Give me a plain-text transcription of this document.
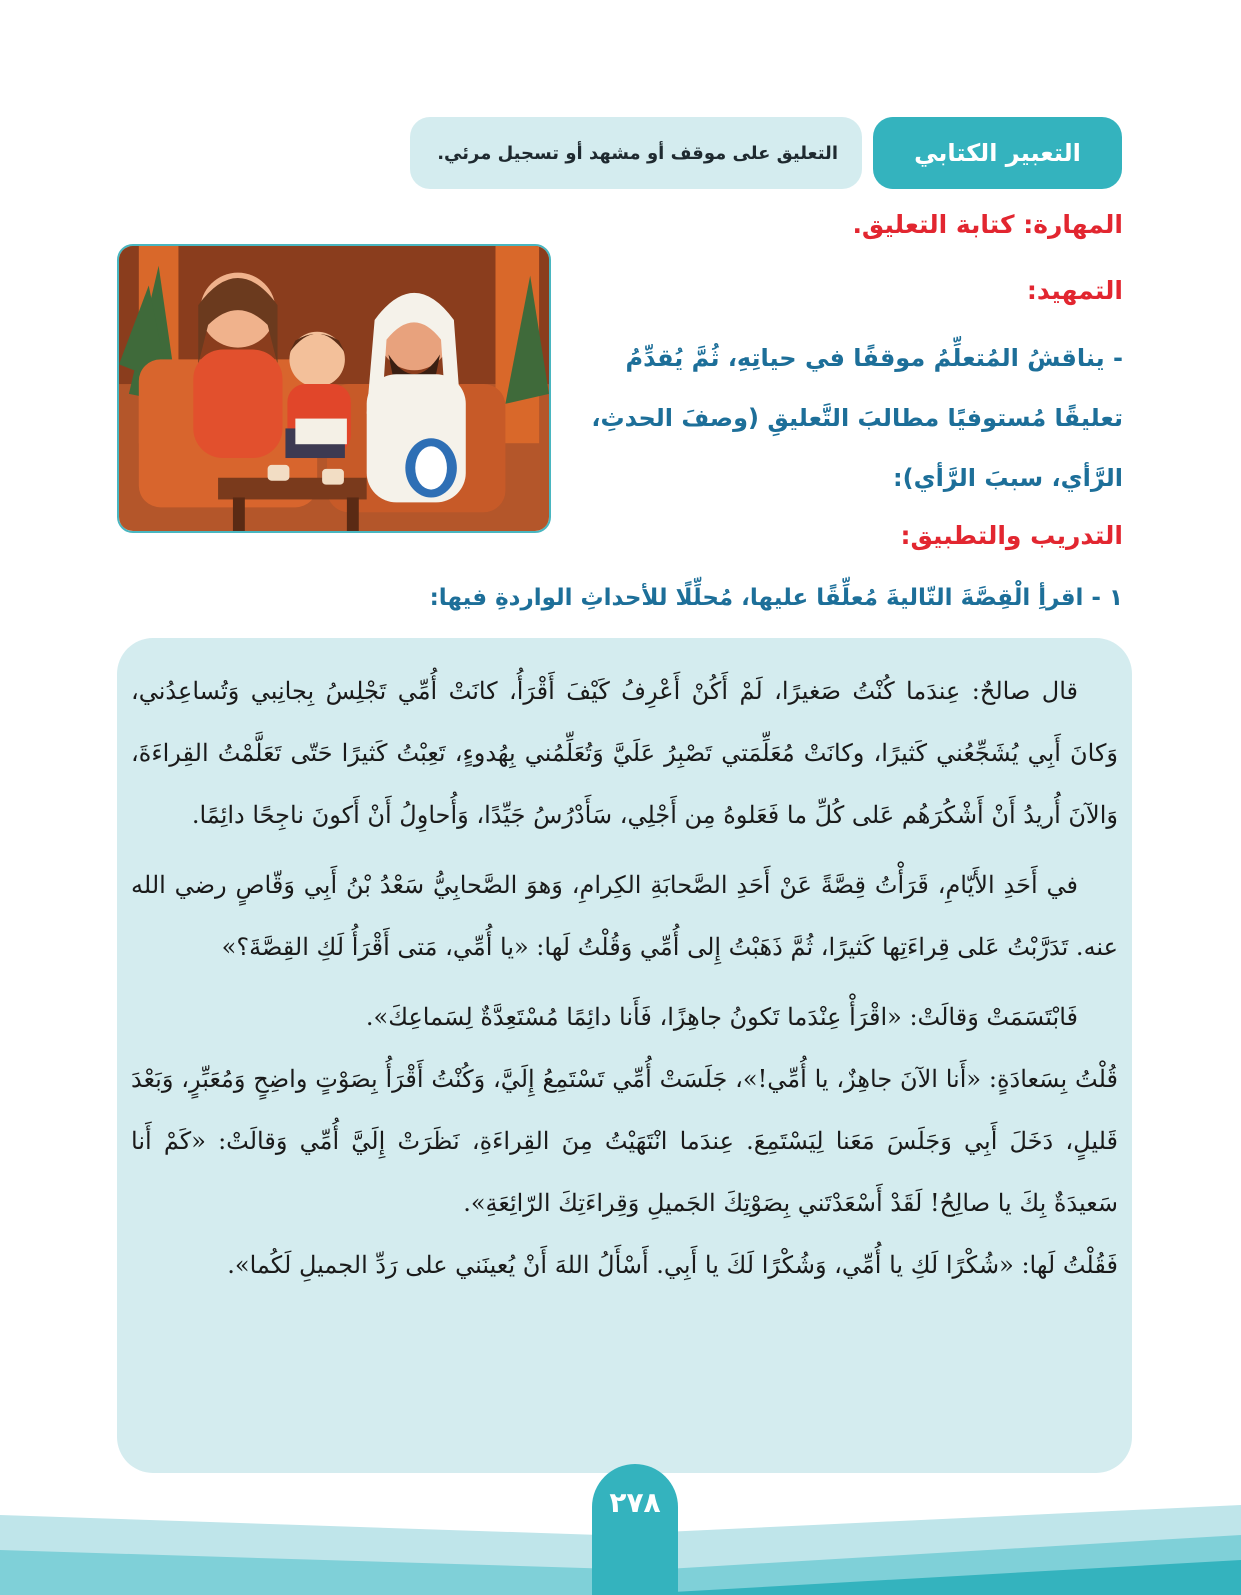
التعبير الكتابي
التعليق على موقف أو مشهد أو تسجيل مرئي.
المهارة: كتابة التعليق.
التمهيد:
- يناقشُ المُتعلِّمُ موقفًا في حياتِهِ، ثُمَّ يُقدِّمُ تعليقًا مُستوفيًا مطالبَ التَّعليقِ (وصفَ الحدثِ، الرَّأي، سببَ الرَّأي):
التدريب والتطبيق:
١ - اقرأِ الْقِصَّةَ التّاليةَ مُعلِّقًا عليها، مُحلِّلًا للأحداثِ الواردةِ فيها:

قال صالحٌ: عِندَما كُنْتُ صَغيرًا، لَمْ أَكُنْ أَعْرِفُ كَيْفَ أَقْرَأُ، كانَتْ أُمِّي تَجْلِسُ بِجانِبي وَتُساعِدُني، وَكانَ أَبِي يُشَجِّعُني كَثيرًا، وكانَتْ مُعَلِّمَتي تَصْبِرُ عَلَيَّ وَتُعَلِّمُني بِهُدوءٍ، تَعِبْتُ كَثيرًا حَتّى تَعَلَّمْتُ القِراءَةَ، وَالآنَ أُريدُ أَنْ أَشْكُرَهُم عَلى كُلِّ ما فَعَلوهُ مِن أَجْلِي، سَأَدْرُسُ جَيِّدًا، وَأُحاوِلُ أَنْ أَكونَ ناجِحًا دائِمًا.

في أَحَدِ الأَيّامِ، قَرَأْتُ قِصَّةً عَنْ أَحَدِ الصَّحابَةِ الكِرامِ، وَهوَ الصَّحابِيُّ سَعْدُ بْنُ أَبِي وَقّاصٍ رضي الله عنه. تَدَرَّبْتُ عَلى قِراءَتِها كَثيرًا، ثُمَّ ذَهَبْتُ إِلى أُمِّي وَقُلْتُ لَها: «يا أُمِّي، مَتى أَقْرَأُ لَكِ القِصَّةَ؟»

فَابْتَسَمَتْ وَقالَتْ: «اقْرَأْ عِنْدَما تَكونُ جاهِزًا، فَأَنا دائِمًا مُسْتَعِدَّةٌ لِسَماعِكَ».

قُلْتُ بِسَعادَةٍ: «أَنا الآنَ جاهِزٌ، يا أُمِّي!»، جَلَسَتْ أُمِّي تَسْتَمِعُ إِلَيَّ، وَكُنْتُ أَقْرَأُ بِصَوْتٍ واضِحٍ وَمُعَبِّرٍ، وَبَعْدَ قَليلٍ، دَخَلَ أَبِي وَجَلَسَ مَعَنا لِيَسْتَمِعَ. عِندَما انْتَهَيْتُ مِنَ القِراءَةِ، نَظَرَتْ إِلَيَّ أُمِّي وَقالَتْ: «كَمْ أَنا سَعيدَةٌ بِكَ يا صالِحُ! لَقَدْ أَسْعَدْتَني بِصَوْتِكَ الجَميلِ وَقِراءَتِكَ الرّائِعَةِ».

فَقُلْتُ لَها: «شُكْرًا لَكِ يا أُمِّي، وَشُكْرًا لَكَ يا أَبِي. أَسْأَلُ اللهَ أَنْ يُعينَني على رَدِّ الجميلِ لَكُما».

٢٧٨
